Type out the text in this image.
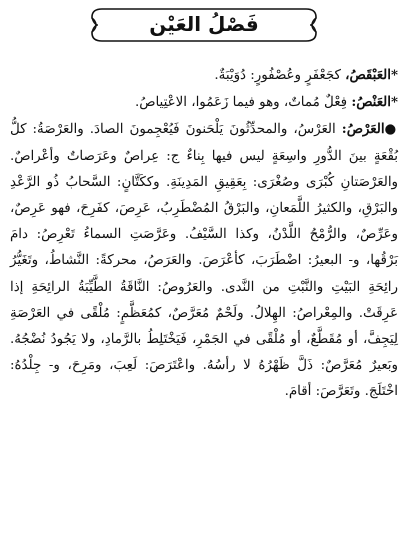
فَصْلُ العَيْن

*العَبْقَصُ، كجَعْفَرٍ وعُصْفُورٍ: دُوَيْبَةٌ.

*العَنْصُ: فِعْلٌ مُماتٌ، وهو فيما زَعَمُوا، الاعْتِياصُ.

●العَرْصُ: العَرْسُ، والمحدِّثُونَ يَلْحَنونَ فَيُعْجِمونَ الصادَ. والعَرْصَةُ: كلُّ بُقْعَةٍ بينَ الدُّورِ واسِعَةٍ ليس فيها بِناءٌ ج: عِراصٌ وعَرَصاتٌ وأعْراصٌ. والعَرْصَتانِ كُبْرَى وصُغْرَى: بِعَقِيقِ المَدِينَةِ. وككَتَّانٍ: السَّحابُ ذُو الرَّعْدِ والبَرْقِ، والكثيرُ اللَّمَعانِ، والبَرْقُ المُضْطَرِبُ، عَرِصَ، كفَرِحَ، فهو عَرِصٌ، وعَرِّصٌ، والرُّمْحُ اللَّدْنُ، وكذا السَّيْفُ. وعَرَّصَتِ السماءُ تَعْرِصُ: دامَ بَرْقُها، و- البعيرُ: اضْطَرَبَ، كأعْرَصَ. والعَرَصُ، محركةً: النَّشاطُ، وتَغَيُّرُ رائِحَةِ البَيْتِ والنَّبْتِ من النَّدى. والعَرُوصُ: النَّاقَةُ الطَّيِّبَةُ الرائِحَةِ إذا عَرِقَتْ. والمِعْراصُ: الهِلالُ. ولَحْمٌ مُعَرَّصٌ، كمُعَظَّمٍ: مُلْقًى في العَرْصَةِ لِيَجِفَّ، أو مُقَطَّعٌ، أو مُلْقًى في الجَمْرِ، فَيَخْتَلِطُ بالرَّمادِ، ولا يَجُودُ نُضْجُهُ. وبَعيرٌ مُعَرَّصٌ: ذَلَّ ظَهْرُهُ لا رأسُهُ. واعْتَرَصَ: لَعِبَ، ومَرِحَ، و- جِلْدُهُ: اخْتَلَجَ. وتَعَرَّصَ: أقامَ.
